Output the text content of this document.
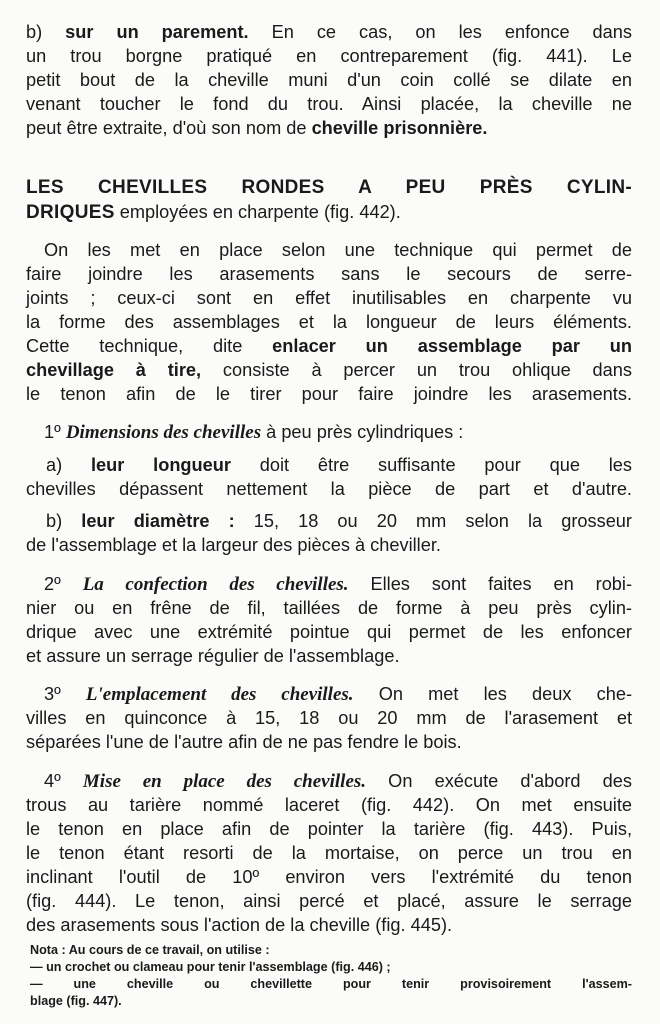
b) sur un parement. En ce cas, on les enfonce dans
un trou borgne pratiqué en contreparement (fig. 441). Le
petit bout de la cheville muni d'un coin collé se dilate en
venant toucher le fond du trou. Ainsi placée, la cheville ne
peut être extraite, d'où son nom de cheville prisonnière.
LES CHEVILLES RONDES A PEU PRÈS CYLIN-
DRIQUES employées en charpente (fig. 442).
On les met en place selon une technique qui permet de
faire joindre les arasements sans le secours de serre-
joints ; ceux-ci sont en effet inutilisables en charpente vu
la forme des assemblages et la longueur de leurs éléments.
Cette technique, dite enlacer un assemblage par un
chevillage à tire, consiste à percer un trou ohlique dans
le tenon afin de le tirer pour faire joindre les arasements.
1º Dimensions des chevilles à peu près cylindriques :
a) leur longueur doit être suffisante pour que les
chevilles dépassent nettement la pièce de part et d'autre.
b) leur diamètre : 15, 18 ou 20 mm selon la grosseur
de l'assemblage et la largeur des pièces à cheviller.
2º La confection des chevilles. Elles sont faites en robi-
nier ou en frêne de fil, taillées de forme à peu près cylin-
drique avec une extrémité pointue qui permet de les enfoncer
et assure un serrage régulier de l'assemblage.
3º L'emplacement des chevilles. On met les deux che-
villes en quinconce à 15, 18 ou 20 mm de l'arasement et
séparées l'une de l'autre afin de ne pas fendre le bois.
4º Mise en place des chevilles. On exécute d'abord des
trous au tarière nommé laceret (fig. 442). On met ensuite
le tenon en place afin de pointer la tarière (fig. 443). Puis,
le tenon étant resorti de la mortaise, on perce un trou en
inclinant l'outil de 10º environ vers l'extrémité du tenon
(fig. 444). Le tenon, ainsi percé et placé, assure le serrage
des arasements sous l'action de la cheville (fig. 445).
Nota : Au cours de ce travail, on utilise :
— un crochet ou clameau pour tenir l'assemblage (fig. 446) ;
— une cheville ou chevillette pour tenir provisoirement l'assem-
blage (fig. 447).
